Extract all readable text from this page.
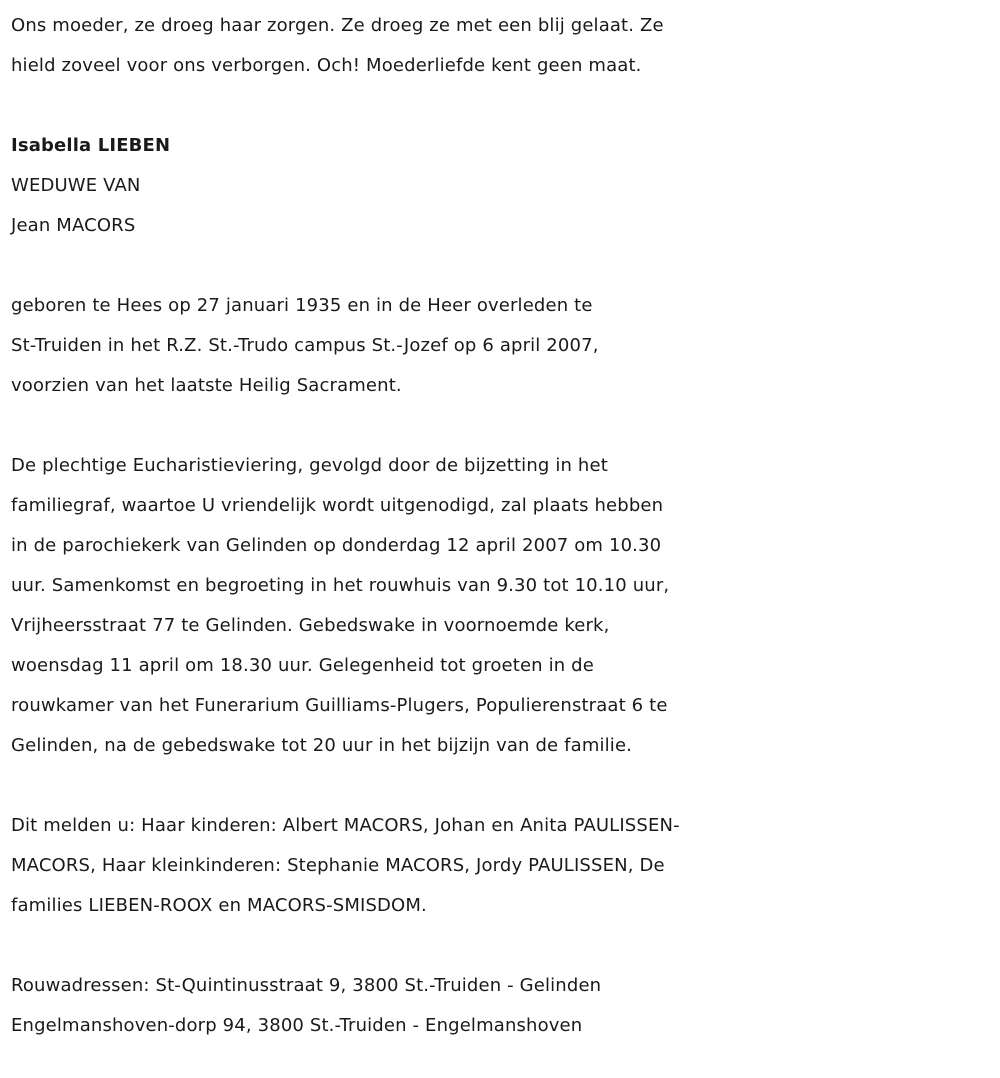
Ons moeder, ze droeg haar zorgen. Ze droeg ze met een blij gelaat. Ze
hield zoveel voor ons verborgen. Och! Moederliefde kent geen maat.
Isabella LIEBEN
WEDUWE VAN
Jean MACORS
geboren te Hees op 27 januari 1935 en in de Heer overleden te
St-Truiden in het R.Z. St.-Trudo campus St.-Jozef op 6 april 2007,
voorzien van het laatste Heilig Sacrament.
De plechtige Eucharistieviering, gevolgd door de bijzetting in het
familiegraf, waartoe U vriendelijk wordt uitgenodigd, zal plaats hebben
in de parochiekerk van Gelinden op donderdag 12 april 2007 om 10.30
uur. Samenkomst en begroeting in het rouwhuis van 9.30 tot 10.10 uur,
Vrijheersstraat 77 te Gelinden. Gebedswake in voornoemde kerk,
woensdag 11 april om 18.30 uur. Gelegenheid tot groeten in de
rouwkamer van het Funerarium Guilliams-Plugers, Populierenstraat 6 te
Gelinden, na de gebedswake tot 20 uur in het bijzijn van de familie.
Dit melden u: Haar kinderen: Albert MACORS, Johan en Anita PAULISSEN-
MACORS, Haar kleinkinderen: Stephanie MACORS, Jordy PAULISSEN, De
families LIEBEN-ROOX en MACORS-SMISDOM.
Rouwadressen: St-Quintinusstraat 9, 3800 St.-Truiden - Gelinden
Engelmanshoven-dorp 94, 3800 St.-Truiden - Engelmanshoven
